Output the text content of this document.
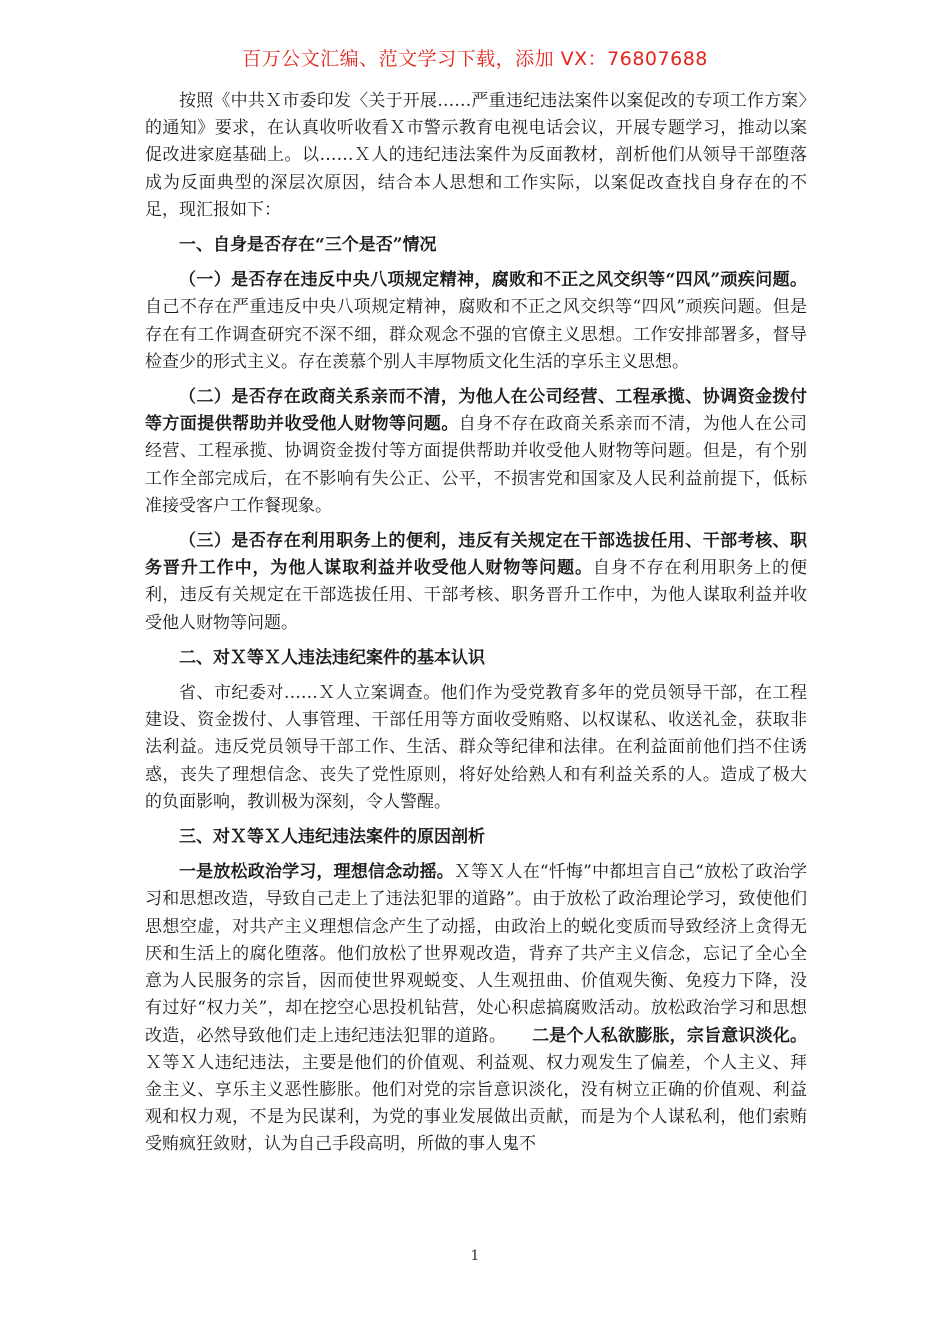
百万公文汇编、范文学习下载，添加 VX：76807688

按照《中共Ｘ市委印发〈关于开展……严重违纪违法案件以案促改的专项工作方案〉的通知》要求，在认真收听收看Ｘ市警示教育电视电话会议，开展专题学习，推动以案促改进家庭基础上。以……Ｘ人的违纪违法案件为反面教材，剖析他们从领导干部堕落成为反面典型的深层次原因，结合本人思想和工作实际，以案促改查找自身存在的不足，现汇报如下：

一、自身是否存在“三个是否”情况

（一）是否存在违反中央八项规定精神，腐败和不正之风交织等“四风”顽疾问题。自己不存在严重违反中央八项规定精神，腐败和不正之风交织等“四风”顽疾问题。但是存在有工作调查研究不深不细，群众观念不强的官僚主义思想。工作安排部署多，督导检查少的形式主义。存在羡慕个别人丰厚物质文化生活的享乐主义思想。

（二）是否存在政商关系亲而不清，为他人在公司经营、工程承揽、协调资金拨付等方面提供帮助并收受他人财物等问题。自身不存在政商关系亲而不清，为他人在公司经营、工程承揽、协调资金拨付等方面提供帮助并收受他人财物等问题。但是，有个别工作全部完成后，在不影响有失公正、公平，不损害党和国家及人民利益前提下，低标准接受客户工作餐现象。

（三）是否存在利用职务上的便利，违反有关规定在干部选拔任用、干部考核、职务晋升工作中，为他人谋取利益并收受他人财物等问题。自身不存在利用职务上的便利，违反有关规定在干部选拔任用、干部考核、职务晋升工作中，为他人谋取利益并收受他人财物等问题。

二、对Ｘ等Ｘ人违法违纪案件的基本认识

省、市纪委对……Ｘ人立案调查。他们作为受党教育多年的党员领导干部，在工程建设、资金拨付、人事管理、干部任用等方面收受贿赂、以权谋私、收送礼金，获取非法利益。违反党员领导干部工作、生活、群众等纪律和法律。在利益面前他们挡不住诱惑，丧失了理想信念、丧失了党性原则，将好处给熟人和有利益关系的人。造成了极大的负面影响，教训极为深刻，令人警醒。

三、对Ｘ等Ｘ人违纪违法案件的原因剖析

一是放松政治学习，理想信念动摇。Ｘ等Ｘ人在“忏悔”中都坦言自己“放松了政治学习和思想改造，导致自己走上了违法犯罪的道路”。由于放松了政治理论学习，致使他们思想空虚，对共产主义理想信念产生了动摇，由政治上的蜕化变质而导致经济上贪得无厌和生活上的腐化堕落。他们放松了世界观改造，背弃了共产主义信念，忘记了全心全意为人民服务的宗旨，因而使世界观蜕变、人生观扭曲、价值观失衡、免疫力下降，没有过好“权力关”，却在挖空心思投机钻营，处心积虑搞腐败活动。放松政治学习和思想改造，必然导致他们走上违纪违法犯罪的道路。　　 二是个人私欲膨胀，宗旨意识淡化。Ｘ等Ｘ人违纪违法，主要是他们的价值观、利益观、权力观发生了偏差，个人主义、拜金主义、享乐主义恶性膨胀。他们对党的宗旨意识淡化，没有树立正确的价值观、利益观和权力观，不是为民谋利，为党的事业发展做出贡献，而是为个人谋私利，他们索贿受贿疯狂敛财，认为自己手段高明，所做的事人鬼不

1
